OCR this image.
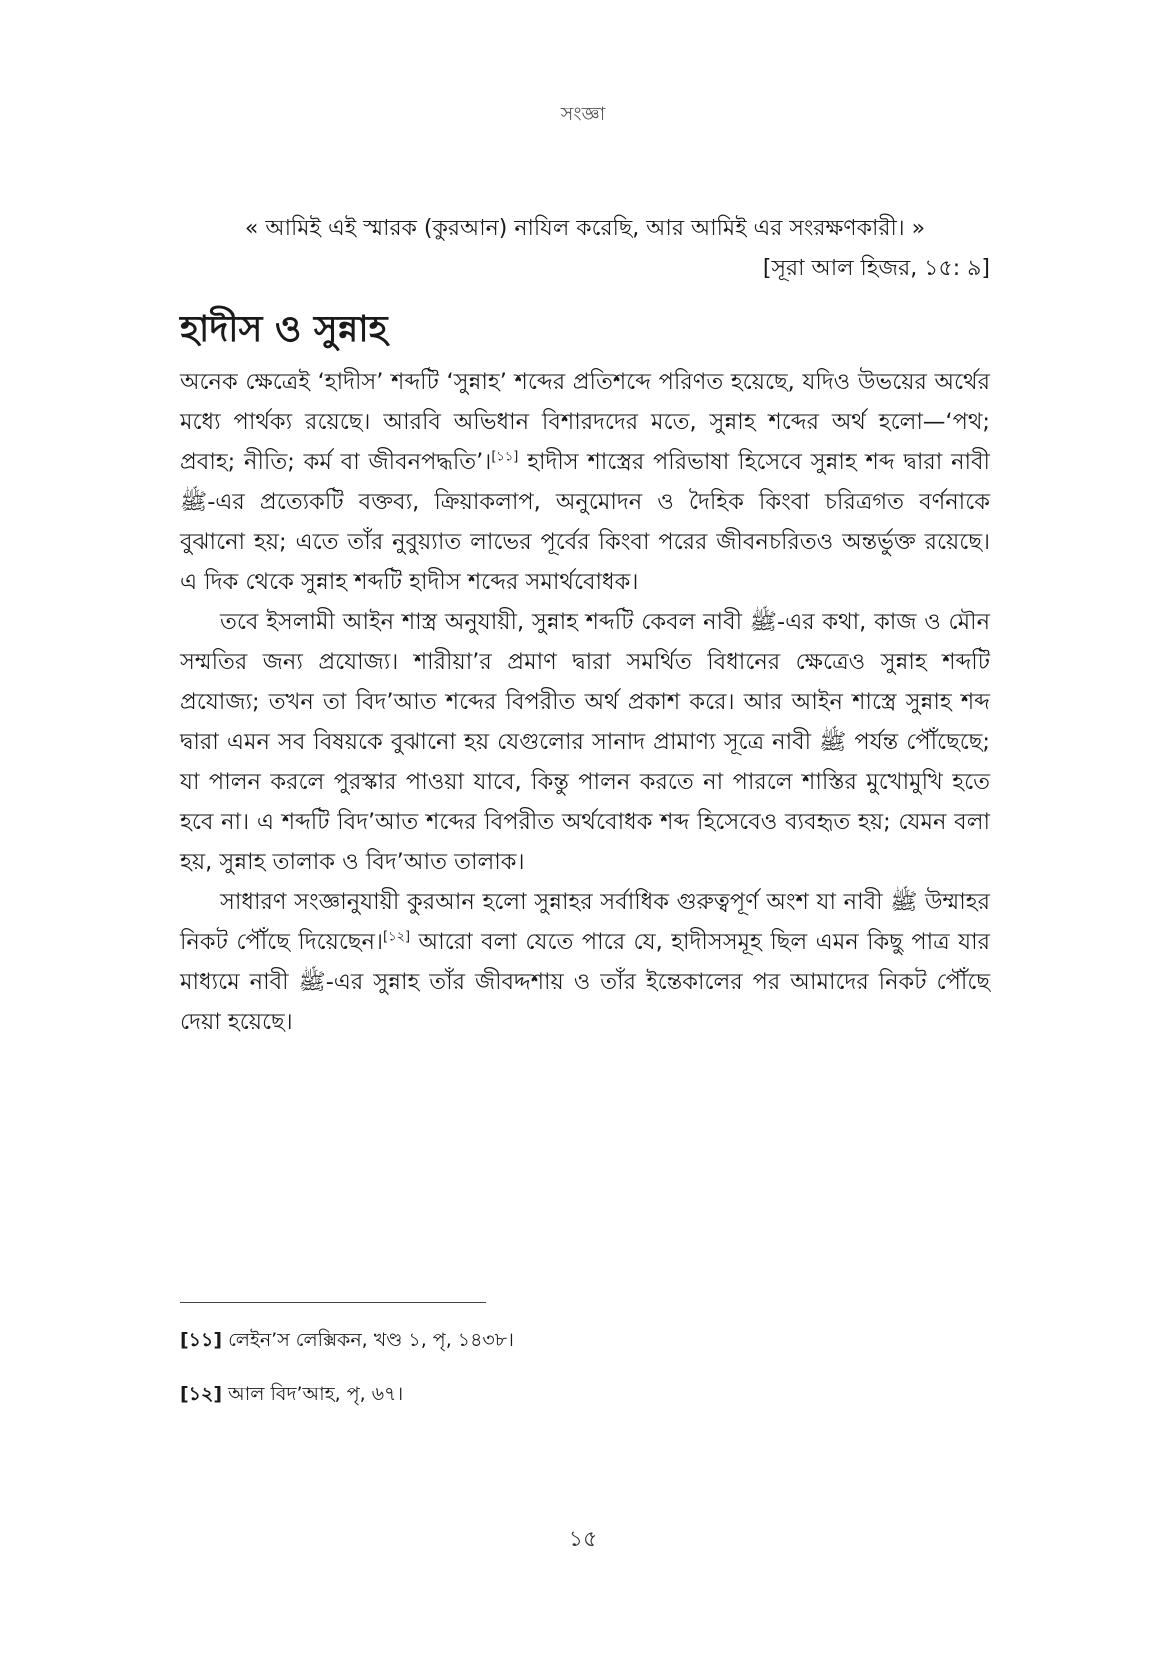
সংজ্ঞা
« আমিই এই স্মারক (কুরআন) নাযিল করেছি, আর আমিই এর সংরক্ষণকারী। »
[সূরা আল হিজর, ১৫: ৯]
হাদীস ও সুন্নাহ

অনেক ক্ষেত্রেই ‘হাদীস’ শব্দটি ‘সুন্নাহ’ শব্দের প্রতিশব্দে পরিণত হয়েছে, যদিও উভয়ের অর্থের মধ্যে পার্থক্য রয়েছে। আরবি অভিধান বিশারদদের মতে, সুন্নাহ শব্দের অর্থ হলো—‘পথ; প্রবাহ; নীতি; কর্ম বা জীবনপদ্ধতি’।[১১] হাদীস শাস্ত্রের পরিভাষা হিসেবে সুন্নাহ শব্দ দ্বারা নাবী ﷺ-এর প্রত্যেকটি বক্তব্য, ক্রিয়াকলাপ, অনুমোদন ও দৈহিক কিংবা চরিত্রগত বর্ণনাকে বুঝানো হয়; এতে তাঁর নুবুয়্যাত লাভের পূর্বের কিংবা পরের জীবনচরিতও অন্তর্ভুক্ত রয়েছে। এ দিক থেকে সুন্নাহ শব্দটি হাদীস শব্দের সমার্থবোধক।

তবে ইসলামী আইন শাস্ত্র অনুযায়ী, সুন্নাহ শব্দটি কেবল নাবী ﷺ-এর কথা, কাজ ও মৌন সম্মতির জন্য প্রযোজ্য। শারীয়া’র প্রমাণ দ্বারা সমর্থিত বিধানের ক্ষেত্রেও সুন্নাহ শব্দটি প্রযোজ্য; তখন তা বিদ’আত শব্দের বিপরীত অর্থ প্রকাশ করে। আর আইন শাস্ত্রে সুন্নাহ শব্দ দ্বারা এমন সব বিষয়কে বুঝানো হয় যেগুলোর সানাদ প্রামাণ্য সূত্রে নাবী ﷺ পর্যন্ত পৌঁছেছে; যা পালন করলে পুরস্কার পাওয়া যাবে, কিন্তু পালন করতে না পারলে শাস্তির মুখোমুখি হতে হবে না। এ শব্দটি বিদ’আত শব্দের বিপরীত অর্থবোধক শব্দ হিসেবেও ব্যবহৃত হয়; যেমন বলা হয়, সুন্নাহ তালাক ও বিদ’আত তালাক।

সাধারণ সংজ্ঞানুযায়ী কুরআন হলো সুন্নাহর সর্বাধিক গুরুত্বপূর্ণ অংশ যা নাবী ﷺ উম্মাহর নিকট পৌঁছে দিয়েছেন।[১২] আরো বলা যেতে পারে যে, হাদীসসমূহ ছিল এমন কিছু পাত্র যার মাধ্যমে নাবী ﷺ-এর সুন্নাহ তাঁর জীবদ্দশায় ও তাঁর ইন্তেকালের পর আমাদের নিকট পৌঁছে দেয়া হয়েছে।

[১১] লেইন’স লেক্সিকন, খণ্ড ১, পৃ, ১৪৩৮।
[১২] আল বিদ’আহ, পৃ, ৬৭।
১৫
